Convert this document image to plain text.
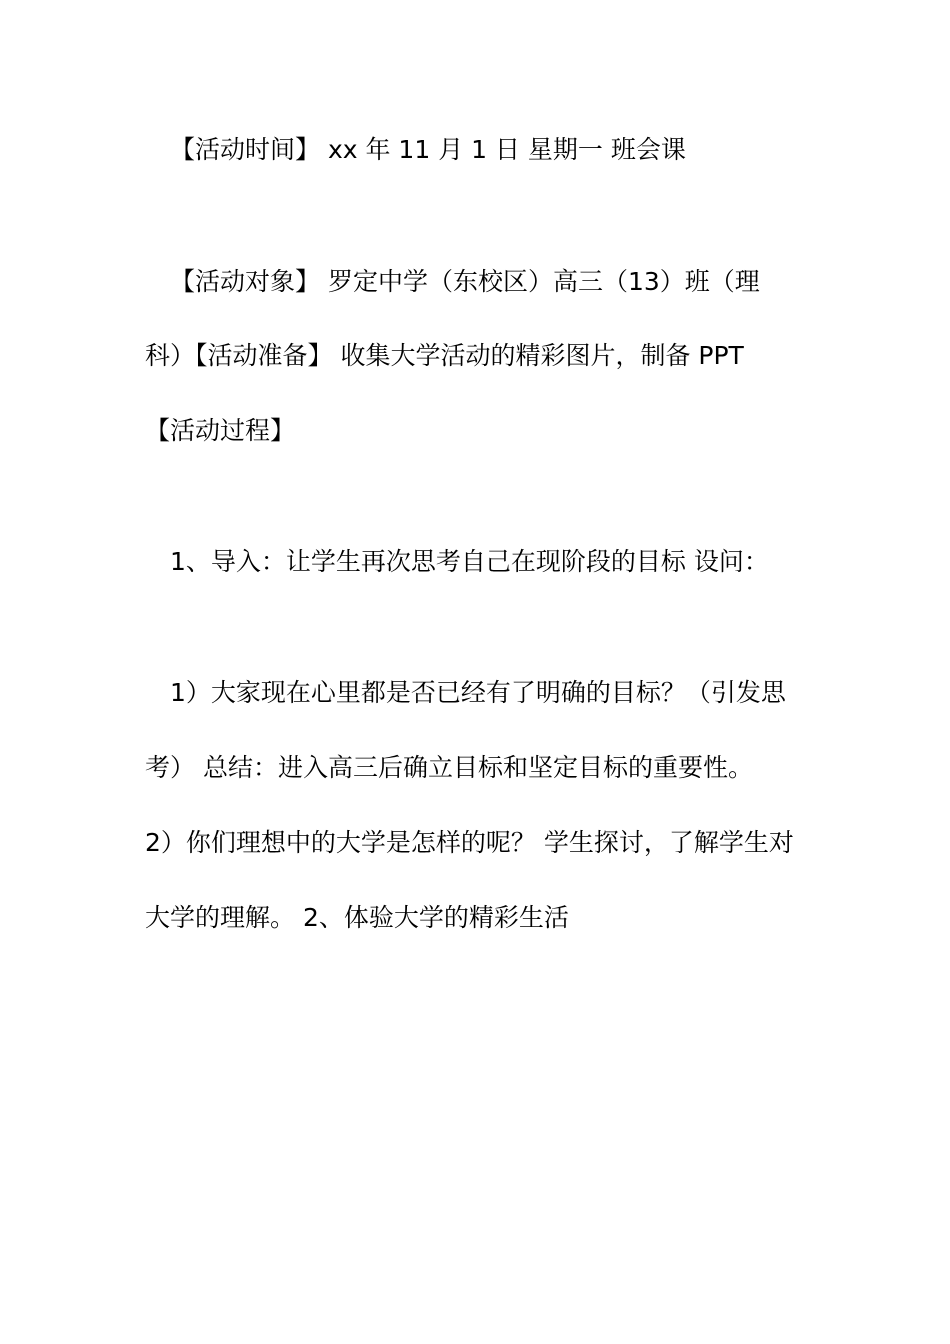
【活动时间】 xx 年 11 月 1 日 星期一 班会课
【活动对象】 罗定中学（东校区）高三（13）班（理
科）【活动准备】 收集大学活动的精彩图片，制备 PPT
【活动过程】
1、导入：让学生再次思考自己在现阶段的目标 设问：
1）大家现在心里都是否已经有了明确的目标？（引发思
考） 总结：进入高三后确立目标和坚定目标的重要性。
2）你们理想中的大学是怎样的呢？ 学生探讨，了解学生对
大学的理解。 2、体验大学的精彩生活
